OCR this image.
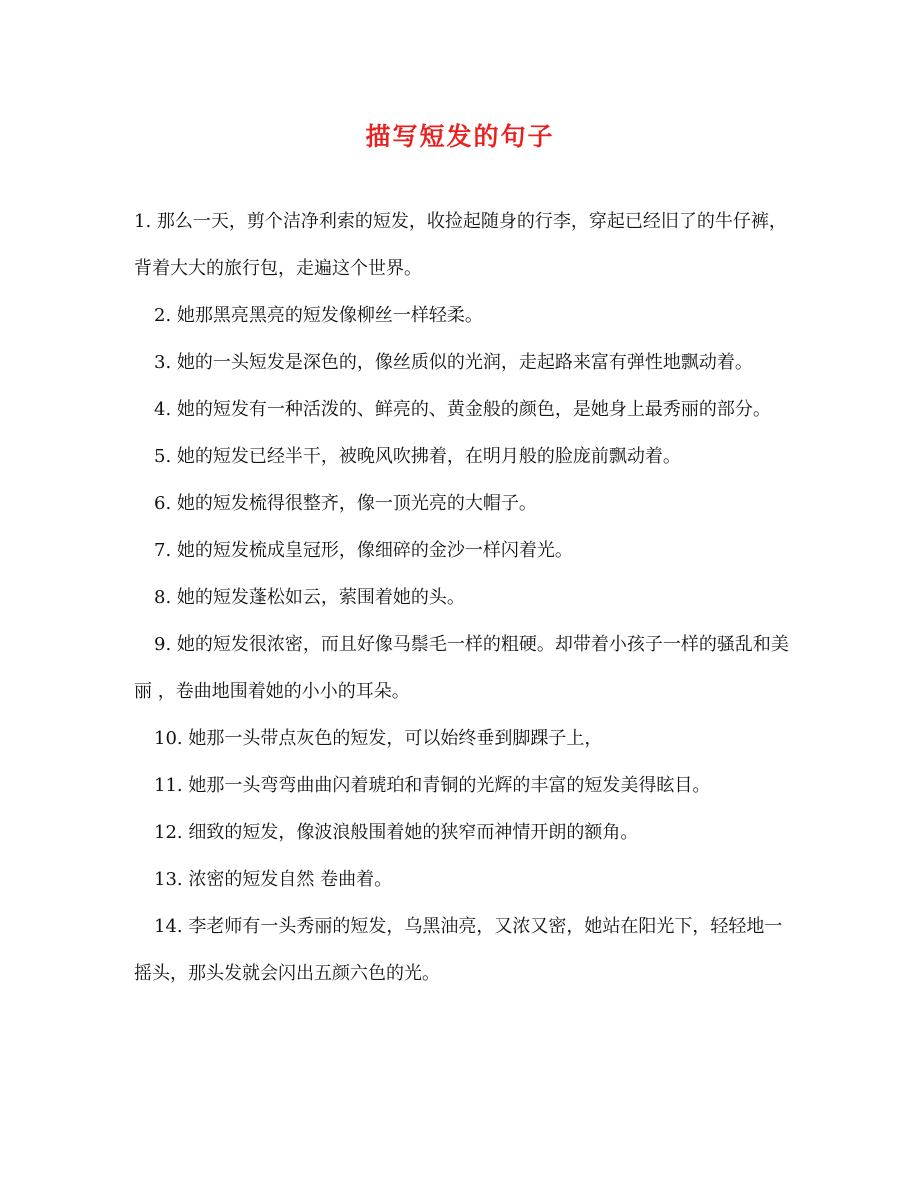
描写短发的句子

1. 那么一天，剪个洁净利索的短发，收捡起随身的行李，穿起已经旧了的牛仔裤，背着大大的旅行包，走遍这个世界。

2. 她那黑亮黑亮的短发像柳丝一样轻柔。

3. 她的一头短发是深色的，像丝质似的光润，走起路来富有弹性地飘动着。

4. 她的短发有一种活泼的、鲜亮的、黄金般的颜色，是她身上最秀丽的部分。

5. 她的短发已经半干，被晚风吹拂着，在明月般的脸庞前飘动着。

6. 她的短发梳得很整齐，像一顶光亮的大帽子。

7. 她的短发梳成皇冠形，像细碎的金沙一样闪着光。

8. 她的短发蓬松如云，萦围着她的头。

9. 她的短发很浓密，而且好像马鬃毛一样的粗硬。却带着小孩子一样的骚乱和美丽 ，卷曲地围着她的小小的耳朵。

10. 她那一头带点灰色的短发，可以始终垂到脚踝子上，

11. 她那一头弯弯曲曲闪着琥珀和青铜的光辉的丰富的短发美得眩目。

12. 细致的短发，像波浪般围着她的狭窄而神情开朗的额角。

13. 浓密的短发自然 卷曲着。

14. 李老师有一头秀丽的短发，乌黑油亮，又浓又密，她站在阳光下，轻轻地一摇头，那头发就会闪出五颜六色的光。
